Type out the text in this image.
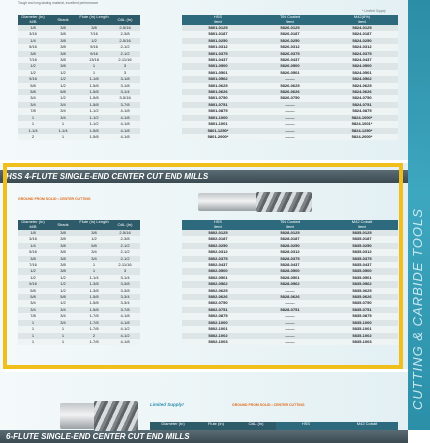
CUTTING & CARBIDE TOOLS
Tough and long-lasting material, excellent performance
* Limited Supply
Diameter (In)
M/B	Shank
Flute (In) Length
OAL (In)
HSS
Item#
TiN Coated
Item#
M42(8%)
Item#
1/8	3/8	3/8	2-5/16		5801-0125	5826-0125	5824-0125
3/16	3/8	7/16	2-3/8		5801-0187	5826-0187	5824-0187
1/4	3/8	1/2	2-5/16		5801-0250	5826-0250	5824-0250
5/16	3/8	9/16	2-1/2		5801-0312	5826-0312	5824-0312
3/8	3/8	9/16	2-1/2		5801-0375	5826-0375	5824-0375
7/16	3/8	13/16	2-11/16		5801-0437	5826-0437	5824-0437
1/2	3/8	1	3		5801-0500	5826-0500	5824-0500
1/2	1/2	1	3		5801-0501	5826-0501	5824-0501
9/16	1/2	1-1/8	3-1/8		5801-0562	-------	5824-0562
5/8	1/2	1-5/8	3-1/8		5801-0625	5826-0625	5824-0625
5/8	5/8	1-5/8	3-1/4		5801-0626	5826-0626	5824-0626
3/4	1/2	1-5/8	3-5/16		5801-0750	5826-0750	5824-0750
3/4	3/4	1-5/8	3-7/8		5801-0751	-------	5824-0751
7/8	3/4	1-1/2	4-1/8		5801-0875	-------	5824-0875
1	3/4	1-1/2	4-1/8		5801-1000	-------	5824-1000*
1	1	1-1/2	4-1/8		5801-1001	-------	5824-1001*
1-1/4	1-1/4	1-5/8	4-1/8		5801-1250*	-------	5824-1250*
2	1	1-5/8	4-1/8		5801-2000*	-------	5824-2000*
HSS 4-FLUTE SINGLE-END CENTER CUT END MILLS
GROUND FROM SOLID • CENTER CUTTING
Diameter (In)
M/B	Shank
Flute (In) Length
OAL (In)
HSS
Item#
TiN Coated
Item#
M42 Cobalt
Item#
1/8	3/8	3/8	2-5/16		5802-0125	5828-0125	5835-0125
3/16	3/8	1/2	2-3/8		5802-0187	5828-0187	5835-0187
1/4	3/8	5/8	2-1/2		5802-0250	5828-0250	5835-0250
5/16	3/8	3/4	2-1/2		5802-0312	5828-0312	5835-0312
3/8	3/8	3/4	2-1/2		5802-0375	5828-0375	5835-0375
7/16	3/8	1	2-11/16		5802-0437	5828-0437	5835-0437
1/2	3/8	1	3		5802-0500	5828-0500	5835-0500
1/2	1/2	1-1/4	3-1/4		5802-0501	5828-0501	5835-0501
9/16	1/2	1-3/8	3-3/8		5802-0562	5828-0562	5835-0562
5/8	1/2	1-3/8	3-3/8		5802-0625	-------	5835-0625
5/8	5/8	1-5/8	3-3/4		5802-0626	5828-0626	5835-0626
3/4	1/2	1-5/8	3-3/4		5802-0750	-------	5835-0750
3/4	3/4	1-5/8	3-7/8		5802-0751	5828-0751	5835-0751
7/8	3/4	1-7/8	4-1/8		5802-0875	-------	5835-0875
1	3/4	1-7/8	4-1/8		5802-1000	-------	5835-1000
1	1	1-7/8	4-1/2		5802-1001	-------	5835-1001
1	1	2	4-1/2		5802-1002	-------	5835-1002
1	1	1-7/8	4-1/8		5802-1003	-------	5835-1003
6-FLUTE SINGLE-END CENTER CUT END MILLS
Limited Supply!	GROUND FROM SOLID • CENTER CUTTING
Diameter (In)	Flute (In)	OAL (In)	HSS	M42 Cobalt
